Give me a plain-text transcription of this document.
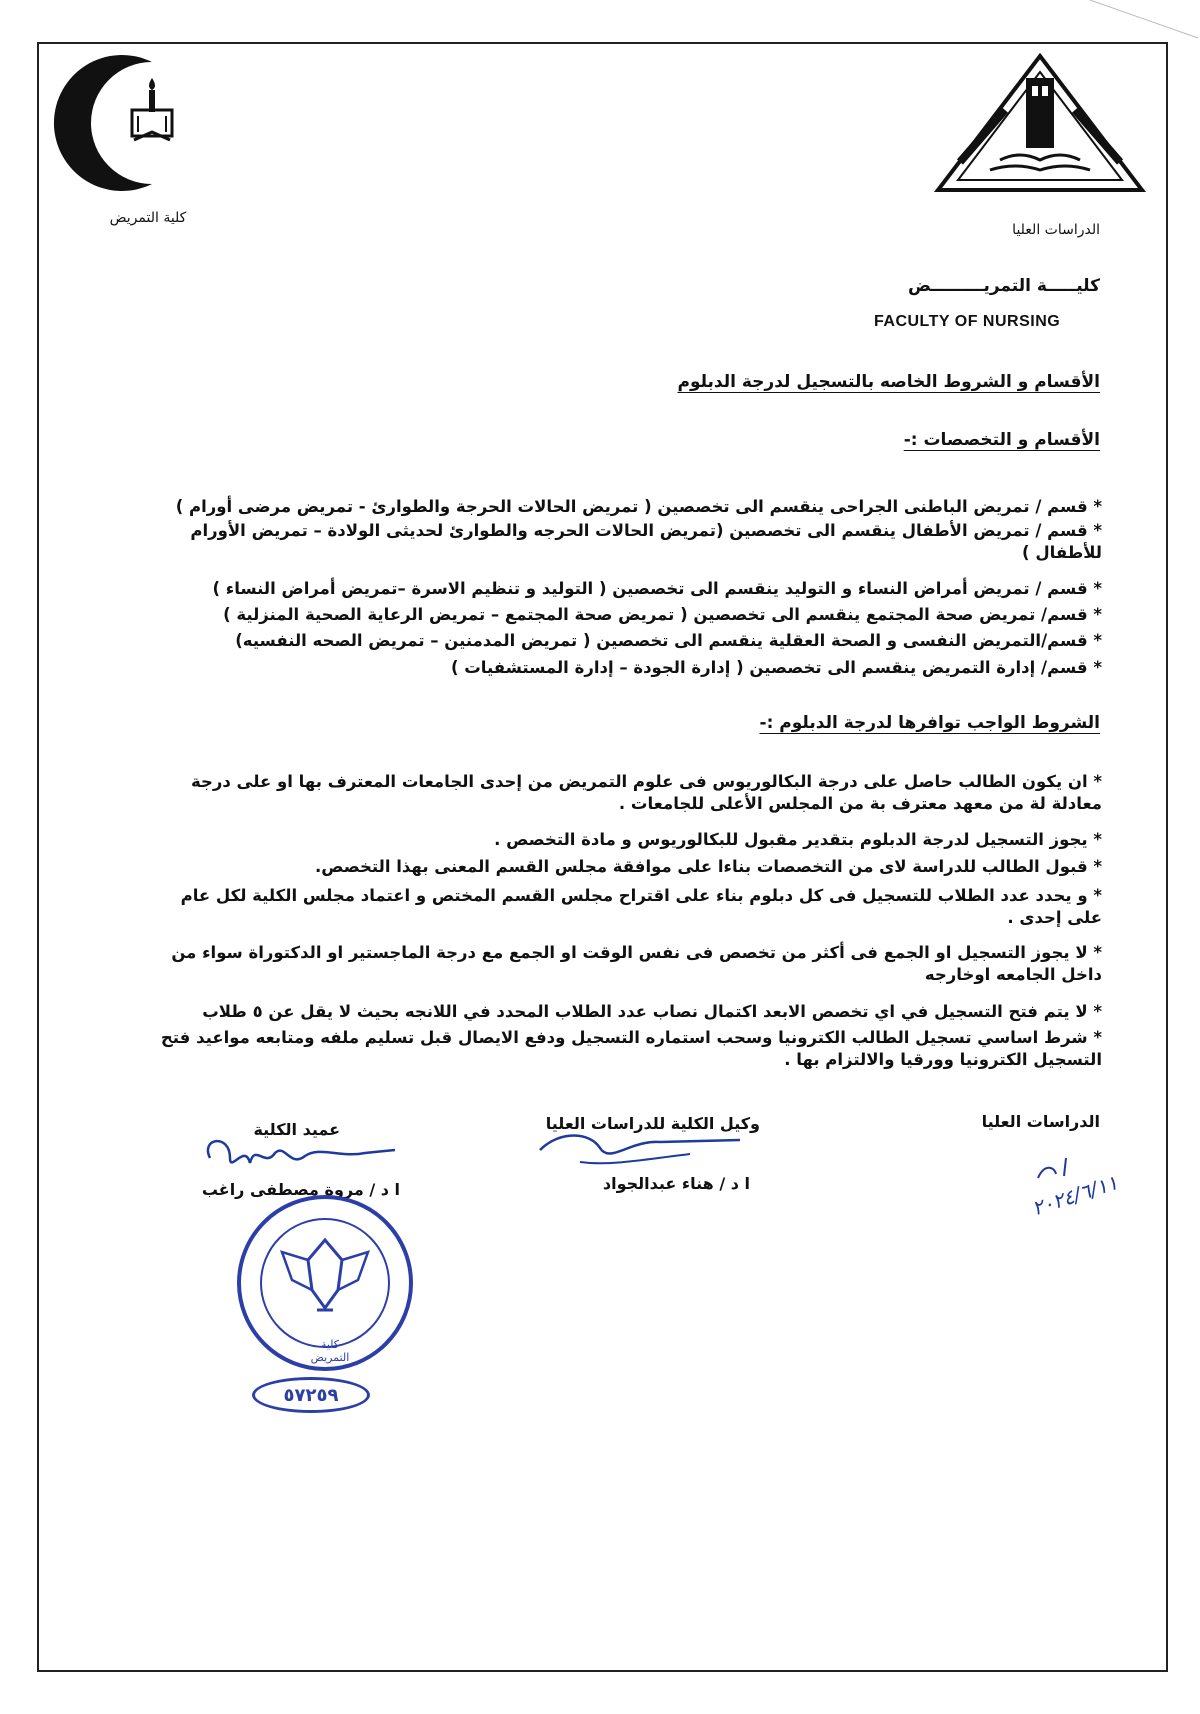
كلية التمريض
الدراسات العليا
كليـــــة التمريـــــــــض
FACULTY OF NURSING
الأقسام و الشروط الخاصه بالتسجيل لدرجة الدبلوم
الأقسام و التخصصات :-
* قسم / تمريض الباطنى الجراحى ينقسم الى تخصصين ( تمريض الحالات الحرجة والطوارئ - تمريض مرضى أورام )
* قسم / تمريض الأطفال ينقسم الى تخصصين (تمريض الحالات الحرجه والطوارئ لحديثى الولادة – تمريض الأورام للأطفال )
* قسم / تمريض أمراض النساء و التوليد ينقسم الى تخصصين ( التوليد و تنظيم الاسرة –تمريض أمراض النساء )
* قسم/ تمريض صحة المجتمع ينقسم الى تخصصين ( تمريض صحة المجتمع – تمريض الرعاية الصحية المنزلية )
* قسم/التمريض النفسى و الصحة العقلية ينقسم الى تخصصين ( تمريض المدمنين – تمريض الصحه النفسيه)
* قسم/ إدارة التمريض ينقسم الى تخصصين ( إدارة الجودة – إدارة المستشفيات )
الشروط الواجب توافرها لدرجة الدبلوم :-
* ان يكون الطالب حاصل على درجة البكالوريوس فى علوم التمريض من إحدى الجامعات المعترف بها او على درجة معادلة لة من معهد معترف بة من المجلس الأعلى للجامعات .
* يجوز التسجيل لدرجة الدبلوم بتقدير مقبول للبكالوريوس و مادة التخصص .
* قبول الطالب للدراسة لاى من التخصصات بناءا على موافقة مجلس القسم المعنى بهذا التخصص.
* و يحدد عدد الطلاب للتسجيل فى كل دبلوم بناء على اقتراح مجلس القسم المختص و اعتماد مجلس الكلية لكل عام على إحدى .
* لا يجوز التسجيل او الجمع فى أكثر من تخصص فى نفس الوقت او الجمع مع درجة الماجستير او الدكتوراة سواء من داخل الجامعه اوخارجه
* لا يتم فتح التسجيل في اي تخصص الابعد اكتمال نصاب عدد الطلاب المحدد في اللانجه بحيث لا يقل عن ٥ طلاب
* شرط اساسي تسجيل الطالب الكترونيا وسحب استماره التسجيل ودفع الايصال قبل تسليم ملفه ومتابعه مواعيد فتح التسجيل الكترونيا وورقيا والالتزام بها .
الدراسات العليا
وكيل الكلية للدراسات العليا
ا د / هناء عبدالجواد
عميد الكلية
ا د / مروة مصطفى راغب
كلية التمريض
٥٧٢٥٩
٢٠٢٤/٦/١١
